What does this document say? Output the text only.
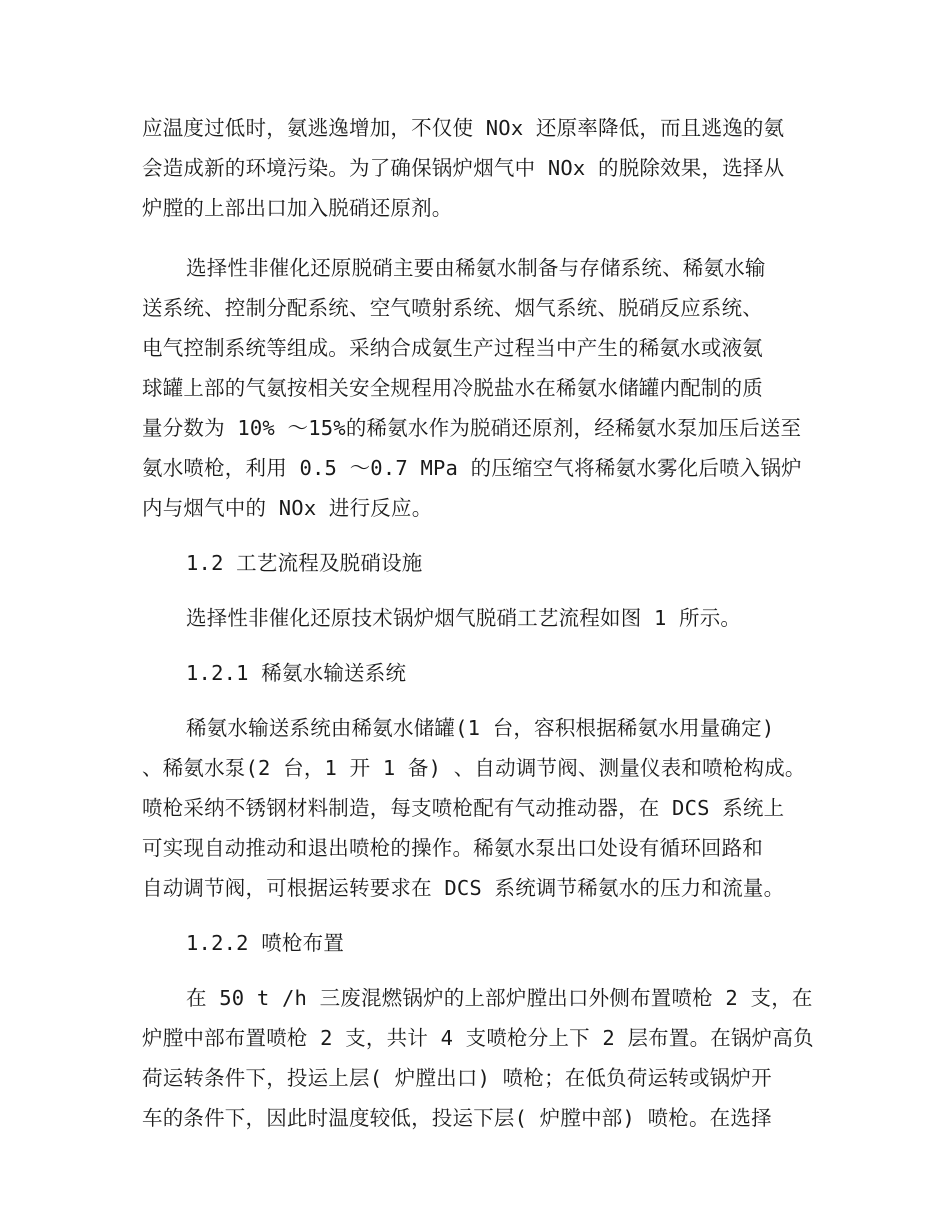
应温度过低时，氨逃逸增加，不仅使 NOx 还原率降低，而且逃逸的氨
会造成新的环境污染。为了确保锅炉烟气中 NOx 的脱除效果，选择从
炉膛的上部出口加入脱硝还原剂。
选择性非催化还原脱硝主要由稀氨水制备与存储系统、稀氨水输
送系统、控制分配系统、空气喷射系统、烟气系统、脱硝反应系统、
电气控制系统等组成。采纳合成氨生产过程当中产生的稀氨水或液氨
球罐上部的气氨按相关安全规程用冷脱盐水在稀氨水储罐内配制的质
量分数为 10% ～15%的稀氨水作为脱硝还原剂，经稀氨水泵加压后送至
氨水喷枪，利用 0.5 ～0.7 MPa 的压缩空气将稀氨水雾化后喷入锅炉
内与烟气中的 NOx 进行反应。
1.2 工艺流程及脱硝设施
选择性非催化还原技术锅炉烟气脱硝工艺流程如图 1 所示。
1.2.1 稀氨水输送系统
稀氨水输送系统由稀氨水储罐(1 台，容积根据稀氨水用量确定)
、稀氨水泵(2 台，1 开 1 备) 、自动调节阀、测量仪表和喷枪构成。
喷枪采纳不锈钢材料制造，每支喷枪配有气动推动器，在 DCS 系统上
可实现自动推动和退出喷枪的操作。稀氨水泵出口处设有循环回路和
自动调节阀，可根据运转要求在 DCS 系统调节稀氨水的压力和流量。
1.2.2 喷枪布置
在 50 t /h 三废混燃锅炉的上部炉膛出口外侧布置喷枪 2 支，在
炉膛中部布置喷枪 2 支，共计 4 支喷枪分上下 2 层布置。在锅炉高负
荷运转条件下，投运上层( 炉膛出口) 喷枪；在低负荷运转或锅炉开
车的条件下，因此时温度较低，投运下层( 炉膛中部) 喷枪。在选择
